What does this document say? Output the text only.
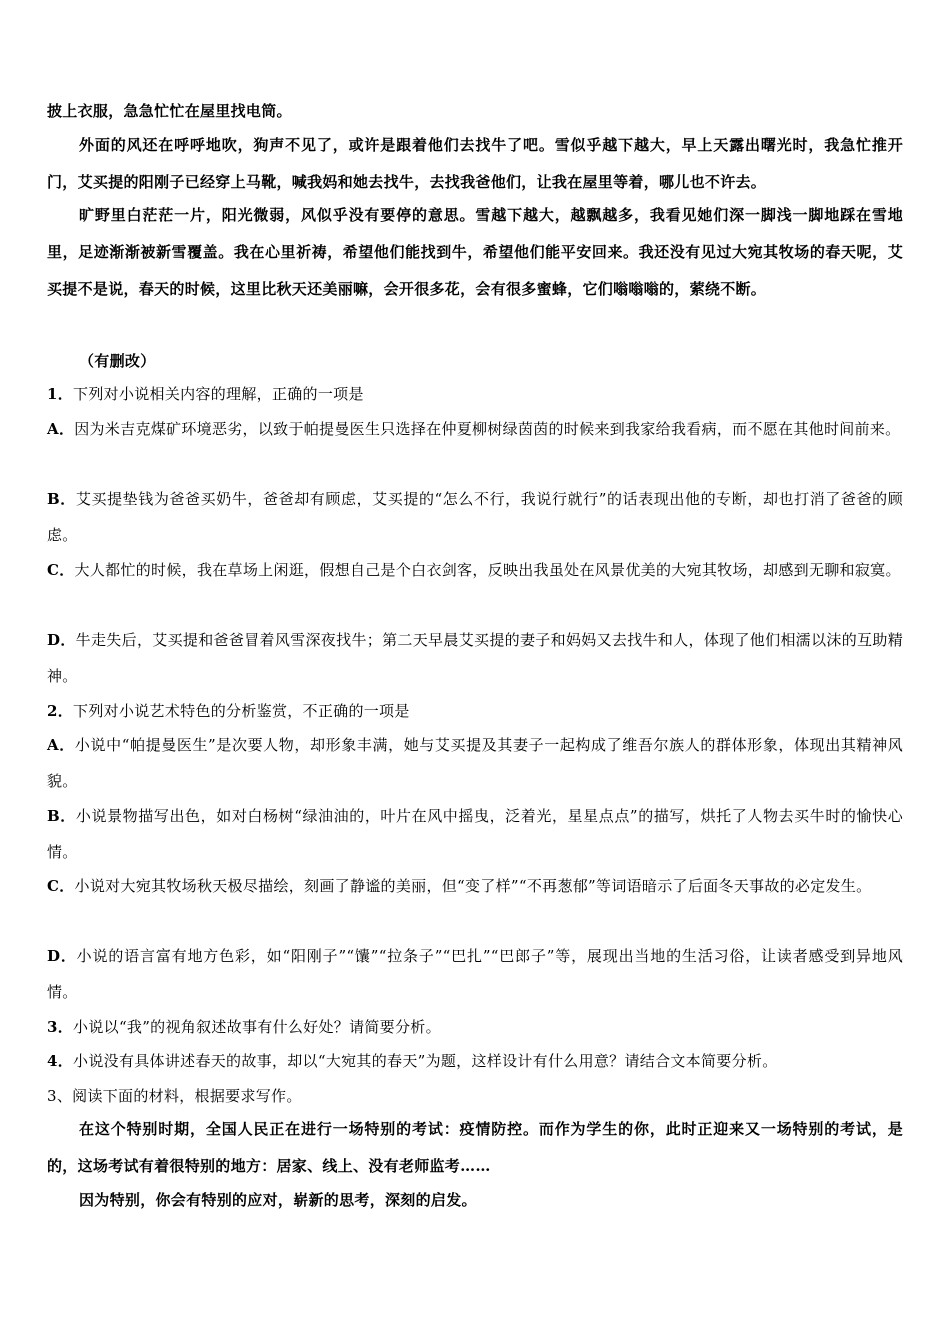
披上衣服，急急忙忙在屋里找电筒。

外面的风还在呼呼地吹，狗声不见了，或许是跟着他们去找牛了吧。雪似乎越下越大，早上天露出曙光时，我急忙推开门，艾买提的阳刚子已经穿上马靴，喊我妈和她去找牛，去找我爸他们，让我在屋里等着，哪儿也不许去。

旷野里白茫茫一片，阳光微弱，风似乎没有要停的意思。雪越下越大，越飘越多，我看见她们深一脚浅一脚地踩在雪地里，足迹渐渐被新雪覆盖。我在心里祈祷，希望他们能找到牛，希望他们能平安回来。我还没有见过大宛其牧场的春天呢，艾买提不是说，春天的时候，这里比秋天还美丽嘛，会开很多花，会有很多蜜蜂，它们嗡嗡嗡的，萦绕不断。

（有删改）

1．下列对小说相关内容的理解，正确的一项是

A．因为米吉克煤矿环境恶劣，以致于帕提曼医生只选择在仲夏柳树绿茵茵的时候来到我家给我看病，而不愿在其他时间前来。

B．艾买提垫钱为爸爸买奶牛，爸爸却有顾虑，艾买提的“怎么不行，我说行就行”的话表现出他的专断，却也打消了爸爸的顾虑。

C．大人都忙的时候，我在草场上闲逛，假想自己是个白衣剑客，反映出我虽处在风景优美的大宛其牧场，却感到无聊和寂寞。

D．牛走失后，艾买提和爸爸冒着风雪深夜找牛；第二天早晨艾买提的妻子和妈妈又去找牛和人，体现了他们相濡以沫的互助精神。

2．下列对小说艺术特色的分析鉴赏，不正确的一项是

A．小说中“帕提曼医生”是次要人物，却形象丰满，她与艾买提及其妻子一起构成了维吾尔族人的群体形象，体现出其精神风貌。

B．小说景物描写出色，如对白杨树“绿油油的，叶片在风中摇曳，泛着光，星星点点”的描写，烘托了人物去买牛时的愉快心情。

C．小说对大宛其牧场秋天极尽描绘，刻画了静谧的美丽，但“变了样”“不再葱郁”等词语暗示了后面冬天事故的必定发生。

D．小说的语言富有地方色彩，如“阳刚子”“馕”“拉条子”“巴扎”“巴郎子”等，展现出当地的生活习俗，让读者感受到异地风情。

3．小说以“我”的视角叙述故事有什么好处？请简要分析。

4．小说没有具体讲述春天的故事，却以“大宛其的春天”为题，这样设计有什么用意？请结合文本简要分析。

3、阅读下面的材料，根据要求写作。

在这个特别时期，全国人民正在进行一场特别的考试：疫情防控。而作为学生的你，此时正迎来又一场特别的考试，是的，这场考试有着很特别的地方：居家、线上、没有老师监考……

因为特别，你会有特别的应对，崭新的思考，深刻的启发。
